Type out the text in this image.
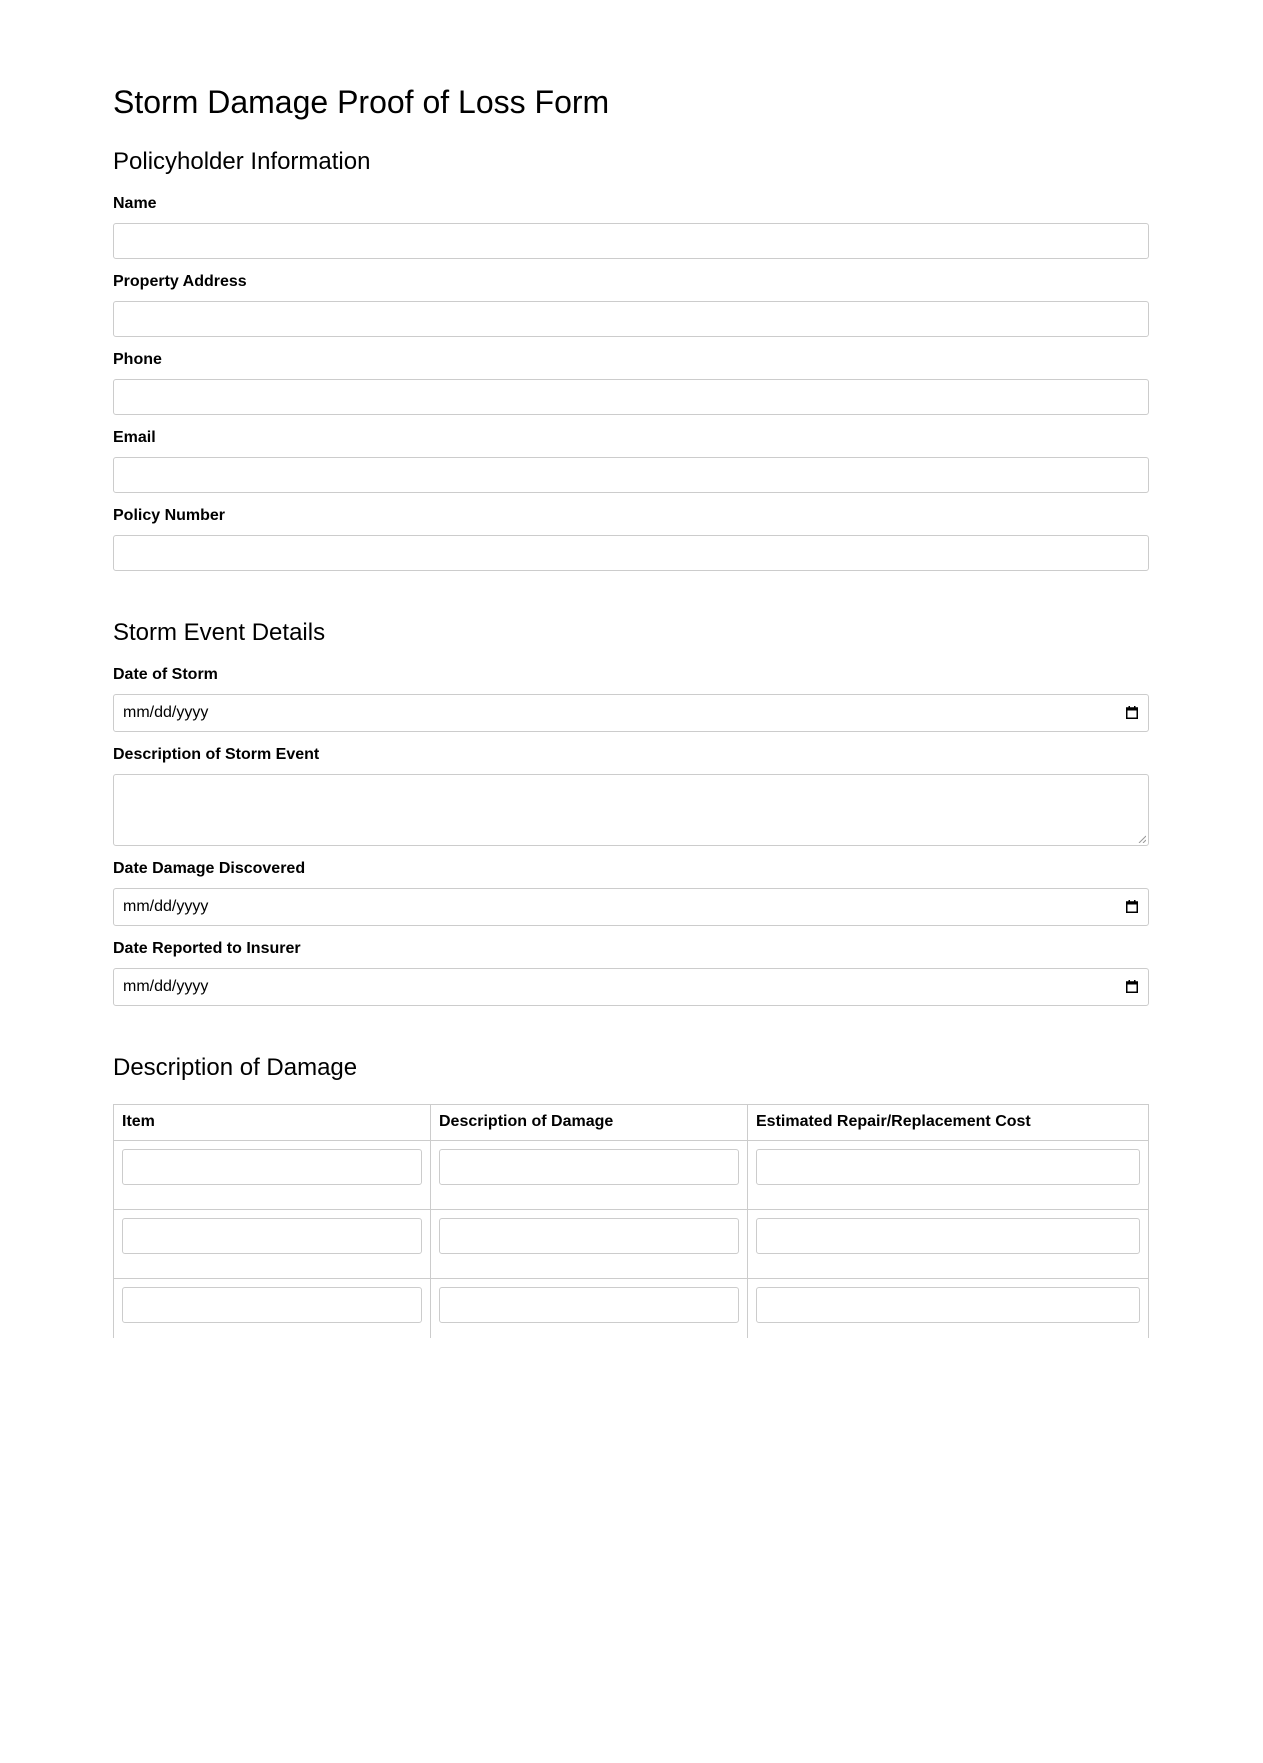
Storm Damage Proof of Loss Form
Policyholder Information
Name
Property Address
Phone
Email
Policy Number
Storm Event Details
Date of Storm
mm/dd/yyyy
Description of Storm Event
Date Damage Discovered
mm/dd/yyyy
Date Reported to Insurer
mm/dd/yyyy
Description of Damage
Item	Description of Damage	Estimated Repair/Replacement Cost
